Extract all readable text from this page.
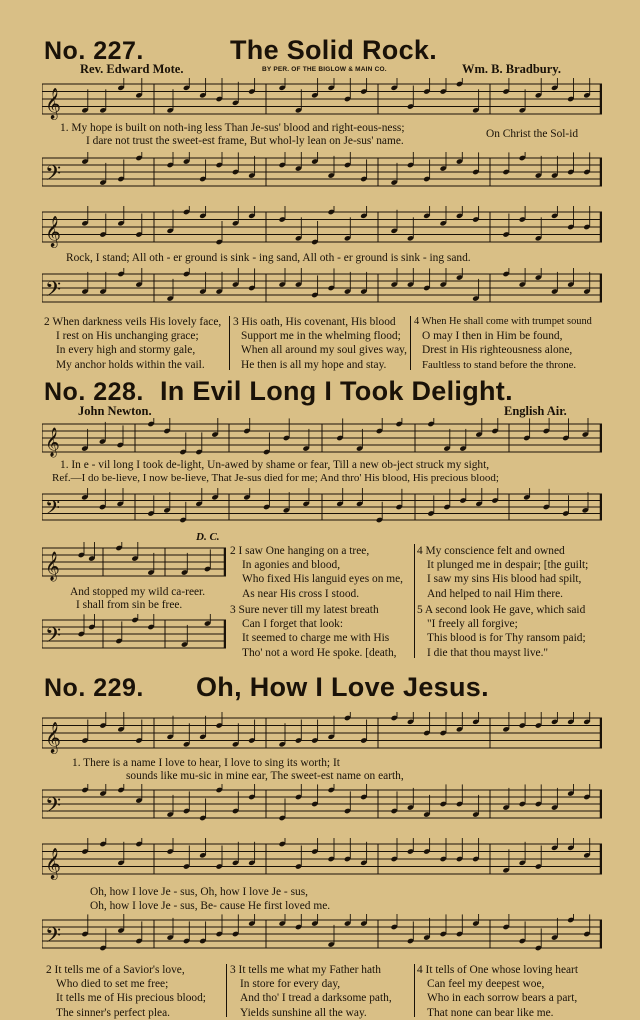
No. 227.	The Solid Rock.
Rev. Edward Mote.	BY PER. OF THE BIGLOW & MAIN CO.	Wm. B. Bradbury.
𝄞
1. My hope is built on noth-ing less Than Je-sus' blood and right-eous-ness;
I dare not trust the sweet-est frame, But whol-ly lean on Je-sus' name.
On Christ the Sol-id
𝄢
𝄞
Rock, I stand; All oth - er ground is sink - ing sand, All oth - er ground is sink - ing sand.
𝄢
2 When darkness veils His lovely face,
I rest on His unchanging grace;
In every high and stormy gale,
My anchor holds within the vail.
3 His oath, His covenant, His blood
Support me in the whelming flood;
When all around my soul gives way,
He then is all my hope and stay.
4 When He shall come with trumpet sound
O may I then in Him be found,
Drest in His righteousness alone,
Faultless to stand before the throne.
No. 228. In Evil Long I Took Delight.
John Newton.	English Air.
𝄞
1. In e - vil long I took de-light, Un-awed by shame or fear, Till a new ob-ject struck my sight,
Ref.—I do be-lieve, I now be-lieve, That Je-sus died for me; And thro' His blood, His precious blood;
𝄢
D. C.
𝄞
And stopped my wild ca-reer.
I shall from sin be free.
𝄢
2 I saw One hanging on a tree,
In agonies and blood,
Who fixed His languid eyes on me,
As near His cross I stood.
3 Sure never till my latest breath
Can I forget that look:
It seemed to charge me with His
Tho' not a word He spoke. [death,
4 My conscience felt and owned
It plunged me in despair; [the guilt;
I saw my sins His blood had spilt,
And helped to nail Him there.
5 A second look He gave, which said
"I freely all forgive;
This blood is for Thy ransom paid;
I die that thou mayst live."
No. 229. Oh, How I Love Jesus.
𝄞
1. There is a name I love to hear, I love to sing its worth; It
sounds like mu-sic in mine ear, The sweet-est name on earth,
𝄢
𝄞
Oh, how I love Je - sus, Oh, how I love Je - sus,
Oh, how I love Je - sus, Be- cause He first loved me.
𝄢
2 It tells me of a Savior's love,
Who died to set me free;
It tells me of His precious blood;
The sinner's perfect plea.
3 It tells me what my Father hath
In store for every day,
And tho' I tread a darksome path,
Yields sunshine all the way.
4 It tells of One whose loving heart
Can feel my deepest woe,
Who in each sorrow bears a part,
That none can bear like me.
